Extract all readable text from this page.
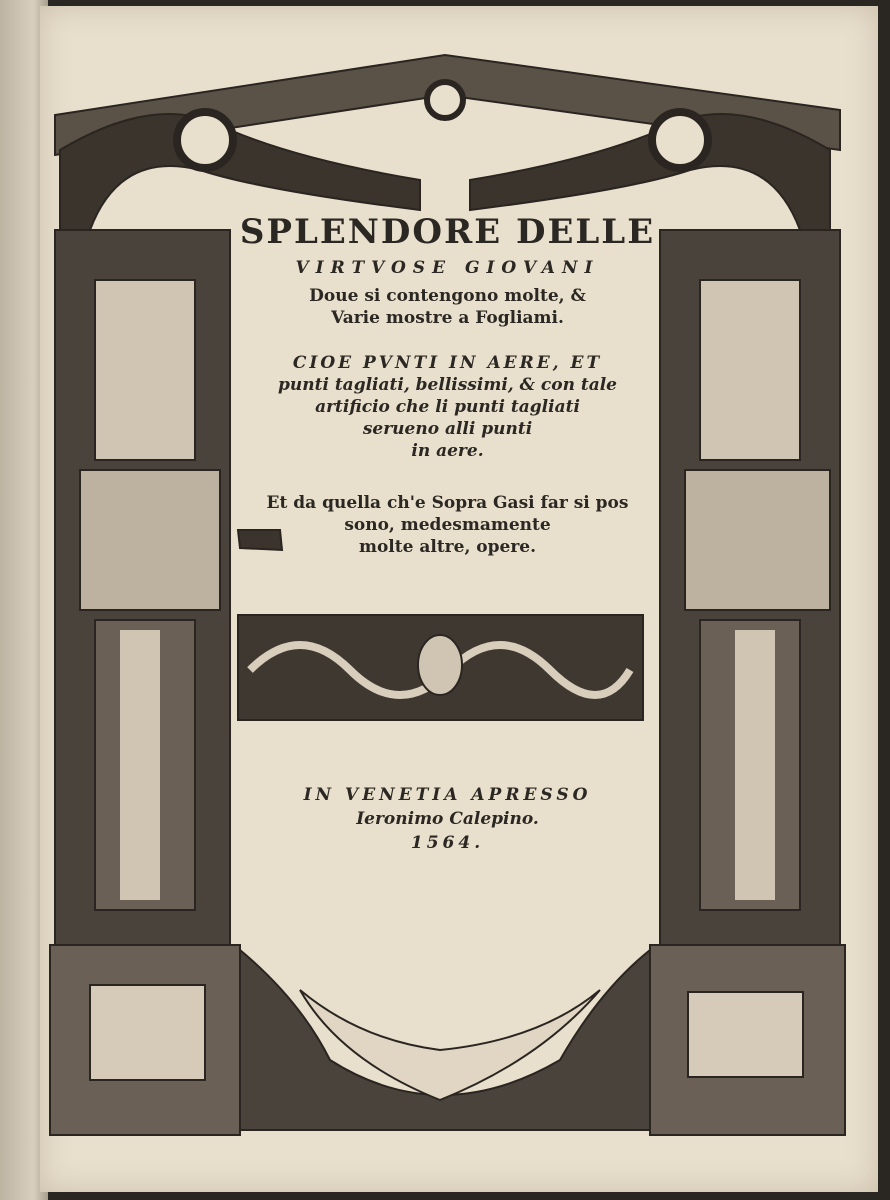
SPLENDORE DELLE
VIRTVOSE GIOVANI
Doue si contengono molte, &
Varie mostre a Fogliami.
CIOE PVNTI IN AERE, ET
punti tagliati, bellissimi, & con tale
artificio che li punti tagliati
serueno alli punti
in aere.
Et da quella ch'e Sopra Gasi far si pos
sono, medesmamente
molte altre, opere.
IN VENETIA APRESSO
Ieronimo Calepino.
1564.
